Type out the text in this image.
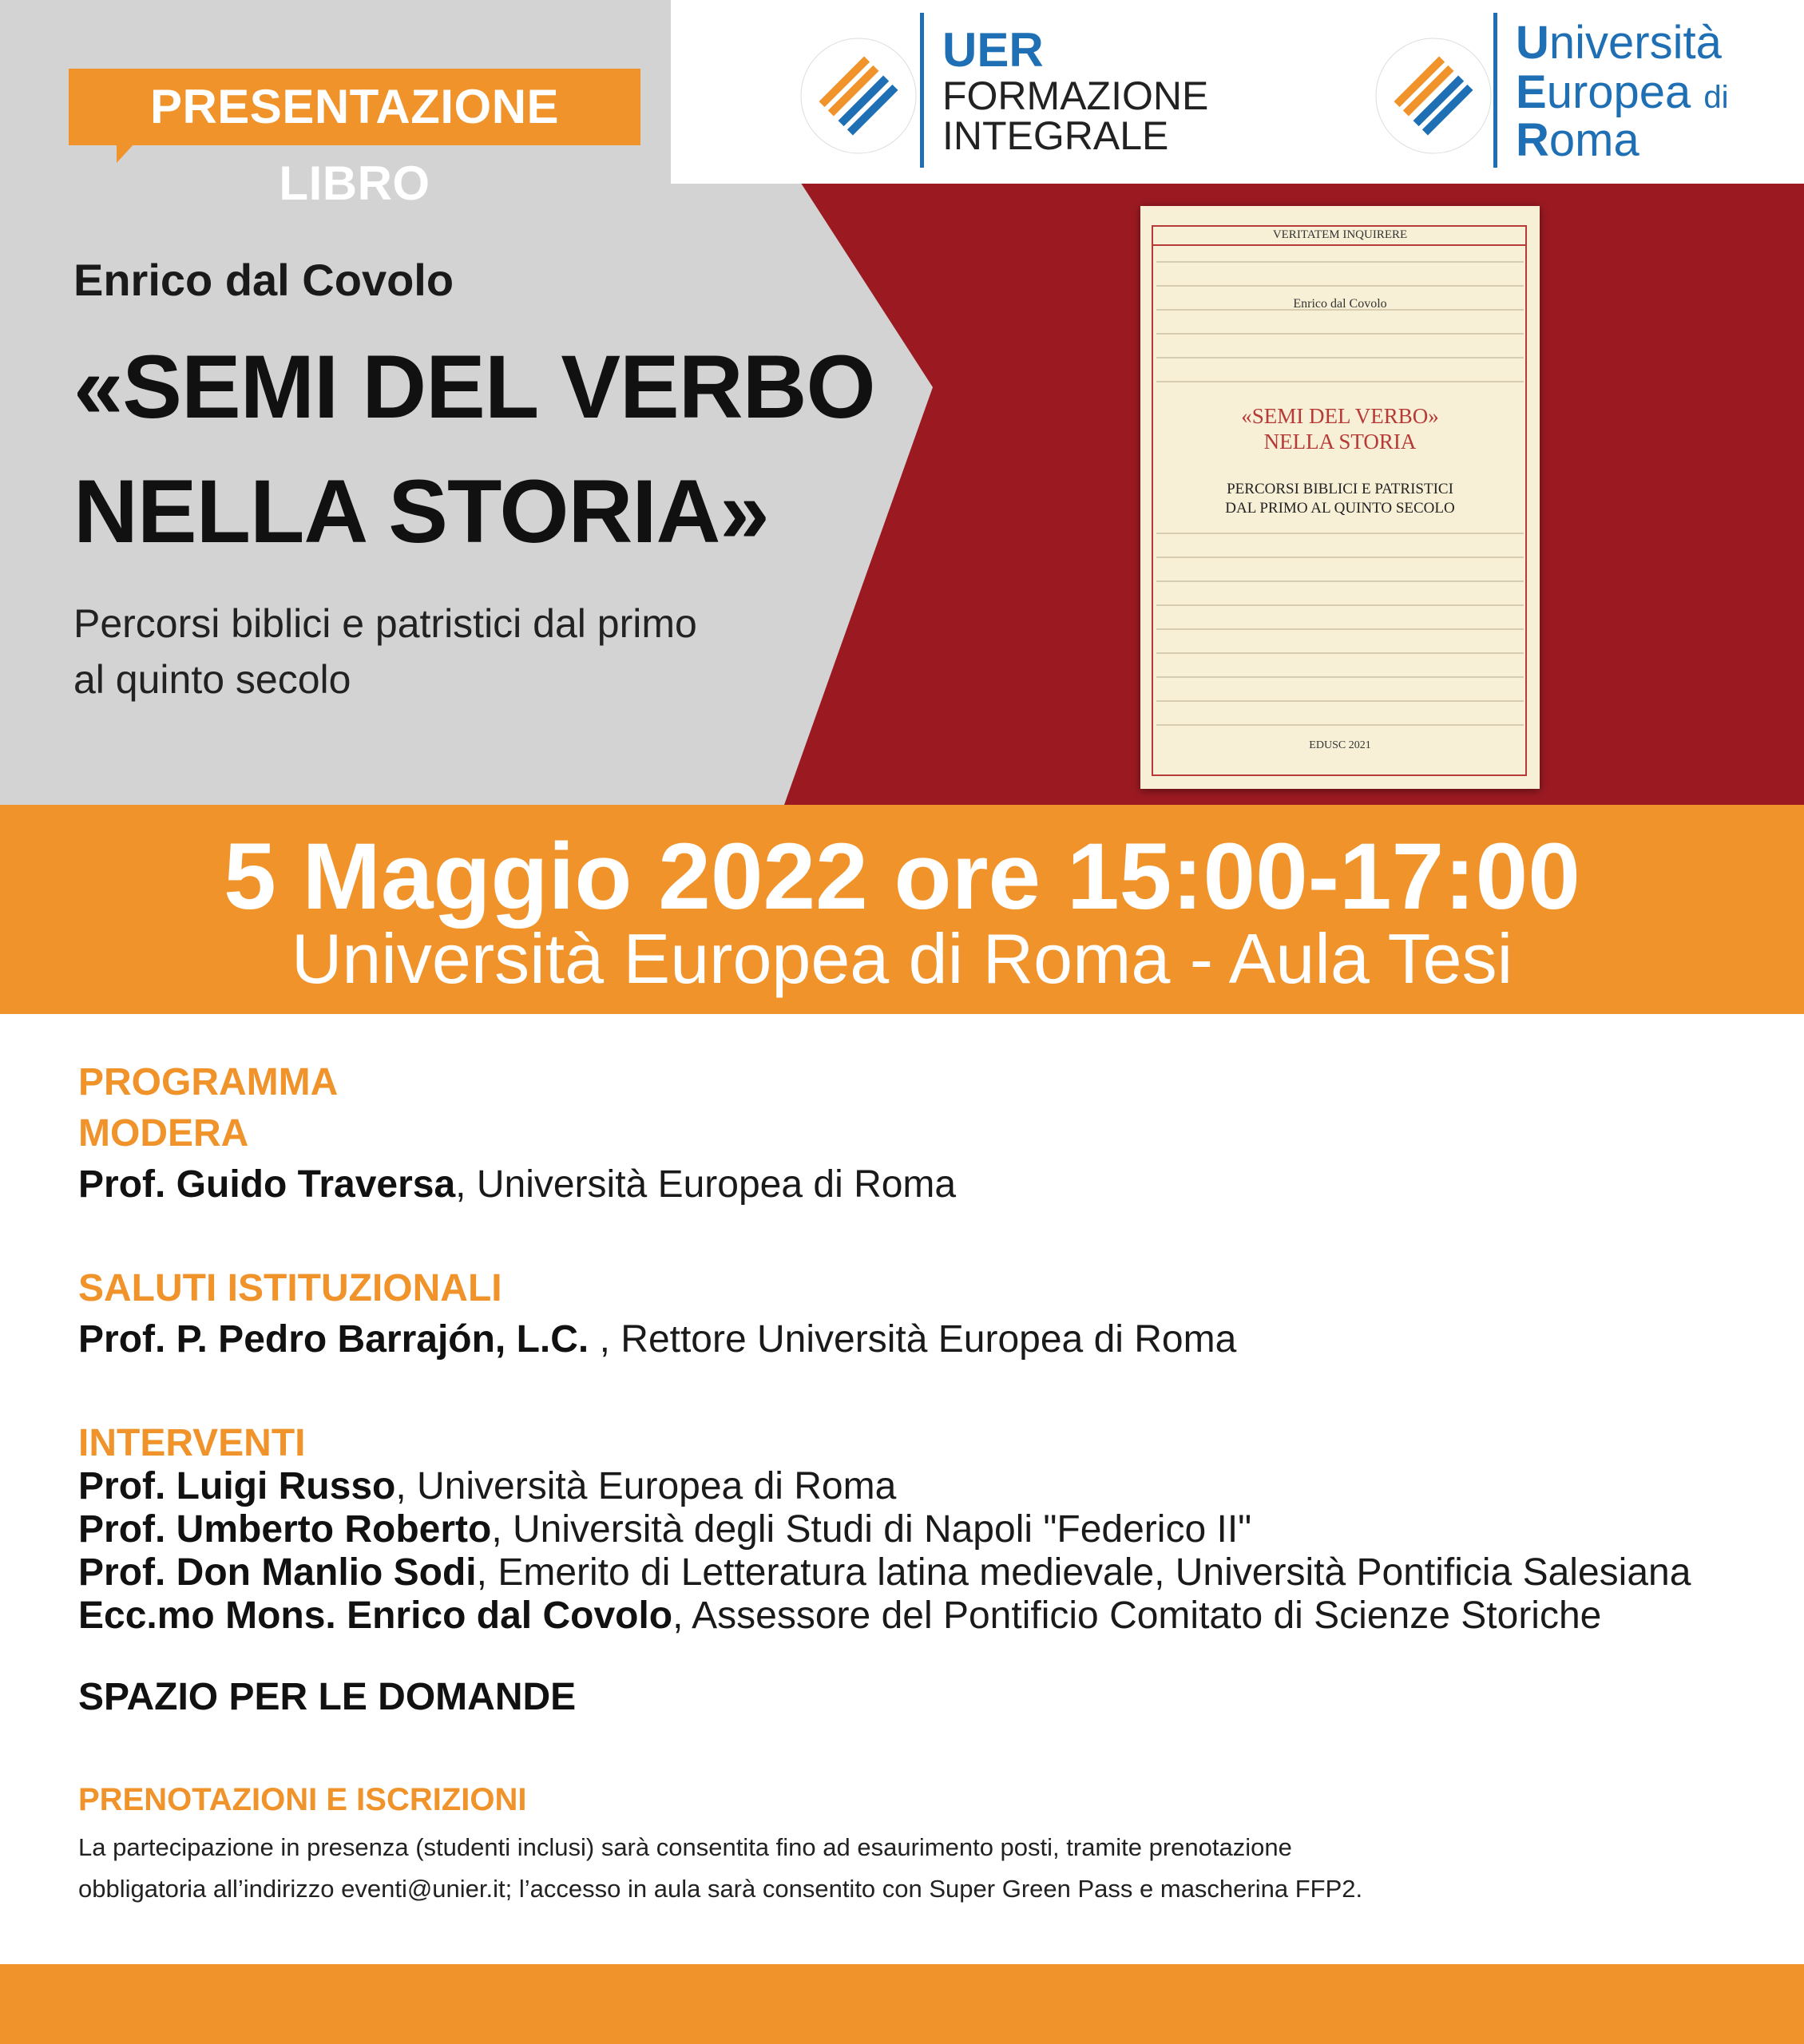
PRESENTAZIONE LIBRO
UER
FORMAZIONE
INTEGRALE
Università
Europea di
Roma
Enrico dal Covolo
«SEMI DEL VERBO
NELLA STORIA»
Percorsi biblici e patristici dal primo
al quinto secolo
VERITATEM INQUIRERE
Enrico dal Covolo
«SEMI DEL VERBO»
NELLA STORIA
PERCORSI BIBLICI E PATRISTICI
DAL PRIMO AL QUINTO SECOLO
EDUSC 2021
5 Maggio 2022 ore 15:00-17:00
Università Europea di Roma - Aula Tesi
PROGRAMMA
MODERA
Prof. Guido Traversa, Università Europea di Roma
SALUTI ISTITUZIONALI
Prof. P. Pedro Barrajón, L.C. , Rettore Università Europea di Roma
INTERVENTI
Prof. Luigi Russo, Università Europea di Roma
Prof. Umberto Roberto, Università degli Studi di Napoli "Federico II"
Prof. Don Manlio Sodi, Emerito di Letteratura latina medievale, Università Pontificia Salesiana
Ecc.mo Mons. Enrico dal Covolo, Assessore del Pontificio Comitato di Scienze Storiche
SPAZIO PER LE DOMANDE
PRENOTAZIONI E ISCRIZIONI
La partecipazione in presenza (studenti inclusi) sarà consentita fino ad esaurimento posti, tramite prenotazione
obbligatoria all’indirizzo eventi@unier.it; l’accesso in aula sarà consentito con Super Green Pass e mascherina FFP2.
